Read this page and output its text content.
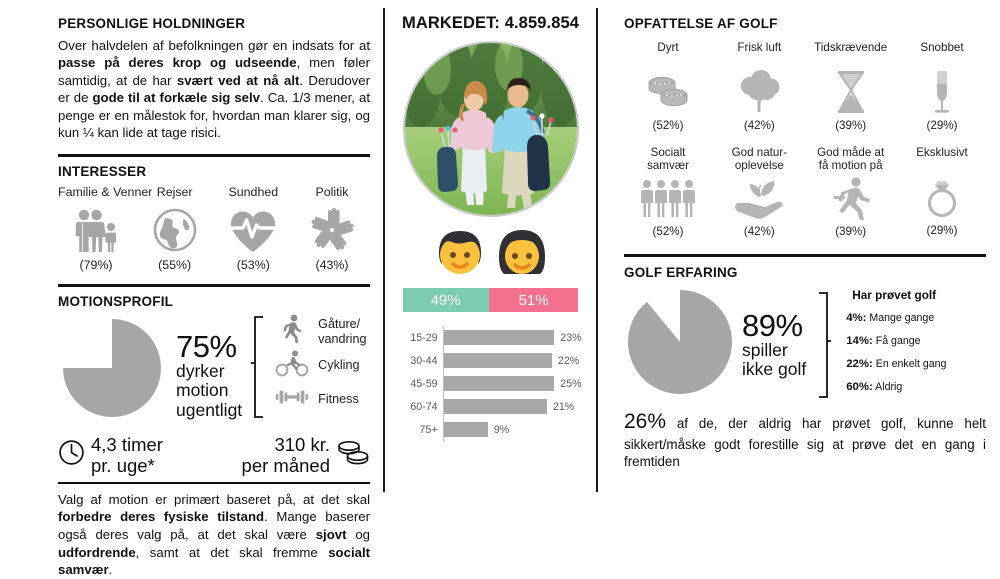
PERSONLIGE HOLDNINGER
Over halvdelen af befolkningen gør en indsats for at passe på deres krop og udseende, men føler samtidig, at de har svært ved at nå alt. Derudover er de gode til at forkæle sig selv. Ca. 1/3 mener, at penge er en målestok for, hvordan man klarer sig, og kun ¼ kan lide at tage risici.
INTERESSER
Familie & Venner
(79%)
Rejser
(55%)
Sundhed
(53%)
Politik
(43%)
MOTIONSPROFIL
75%
dyrker
motion
ugentligt
Gåture/
vandring
Cykling
Fitness
4,3 timer
pr. uge*
310 kr.
per måned
Valg af motion er primært baseret på, at det skal forbedre deres fysiske tilstand. Mange baserer også deres valg på, at det skal være sjovt og udfordrende, samt at det skal fremme socialt samvær.
MARKEDET: 4.859.854
49%	51%
15-29	23%
30-44	22%
45-59	25%
60-74	21%
75+	9%
OPFATTELSE AF GOLF
Dyrt
(52%)
Frisk luft
(42%)
Tidskrævende
(39%)
Snobbet
(29%)
Socialt
samvær
(52%)
God natur-
oplevelse
(42%)
God måde at
få motion på
(39%)
Eksklusivt
(29%)
GOLF ERFARING
89%
spiller
ikke golf
Har prøvet golf
4%: Mange gange
14%: Få gange
22%: En enkelt gang
60%: Aldrig
26% af de, der aldrig har prøvet golf, kunne helt sikkert/måske godt forestille sig at prøve det en gang i fremtiden
